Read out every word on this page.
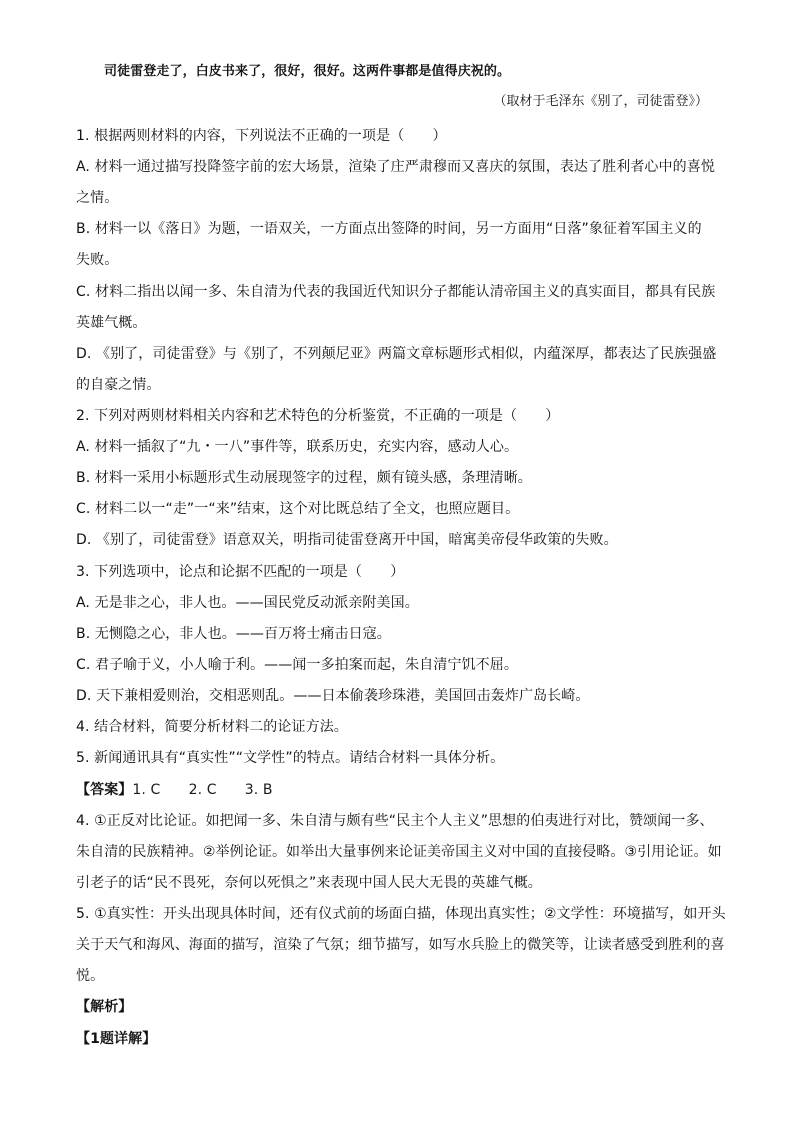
司徒雷登走了，白皮书来了，很好，很好。这两件事都是值得庆祝的。
（取材于毛泽东《别了，司徒雷登》）
1. 根据两则材料的内容，下列说法不正确的一项是（　　）
A. 材料一通过描写投降签字前的宏大场景，渲染了庄严肃穆而又喜庆的氛围，表达了胜利者心中的喜悦
之情。
B. 材料一以《落日》为题，一语双关，一方面点出签降的时间，另一方面用“日落”象征着军国主义的
失败。
C. 材料二指出以闻一多、朱自清为代表的我国近代知识分子都能认清帝国主义的真实面目，都具有民族
英雄气概。
D. 《别了，司徒雷登》与《别了，不列颠尼亚》两篇文章标题形式相似，内蕴深厚，都表达了民族强盛
的自豪之情。
2. 下列对两则材料相关内容和艺术特色的分析鉴赏，不正确的一项是（　　）
A. 材料一插叙了“九・一八”事件等，联系历史，充实内容，感动人心。
B. 材料一采用小标题形式生动展现签字的过程，颇有镜头感，条理清晰。
C. 材料二以一“走”一“来”结束，这个对比既总结了全文，也照应题目。
D. 《别了，司徒雷登》语意双关，明指司徒雷登离开中国，暗寓美帝侵华政策的失败。
3. 下列选项中，论点和论据不匹配的一项是（　　）
A. 无是非之心，非人也。——国民党反动派亲附美国。
B. 无恻隐之心，非人也。——百万将士痛击日寇。
C. 君子喻于义，小人喻于利。——闻一多拍案而起，朱自清宁饥不屈。
D. 天下兼相爱则治，交相恶则乱。——日本偷袭珍珠港，美国回击轰炸广岛长崎。
4. 结合材料，简要分析材料二的论证方法。
5. 新闻通讯具有“真实性”“文学性”的特点。请结合材料一具体分析。
【答案】1. C　　2. C　　3. B
4. ①正反对比论证。如把闻一多、朱自清与颇有些“民主个人主义”思想的伯夷进行对比，赞颂闻一多、
朱自清的民族精神。②举例论证。如举出大量事例来论证美帝国主义对中国的直接侵略。③引用论证。如
引老子的话“民不畏死，奈何以死惧之”来表现中国人民大无畏的英雄气概。
5. ①真实性：开头出现具体时间，还有仪式前的场面白描，体现出真实性；②文学性：环境描写，如开头
关于天气和海风、海面的描写，渲染了气氛；细节描写，如写水兵脸上的微笑等，让读者感受到胜利的喜
悦。
【解析】
【1题详解】
